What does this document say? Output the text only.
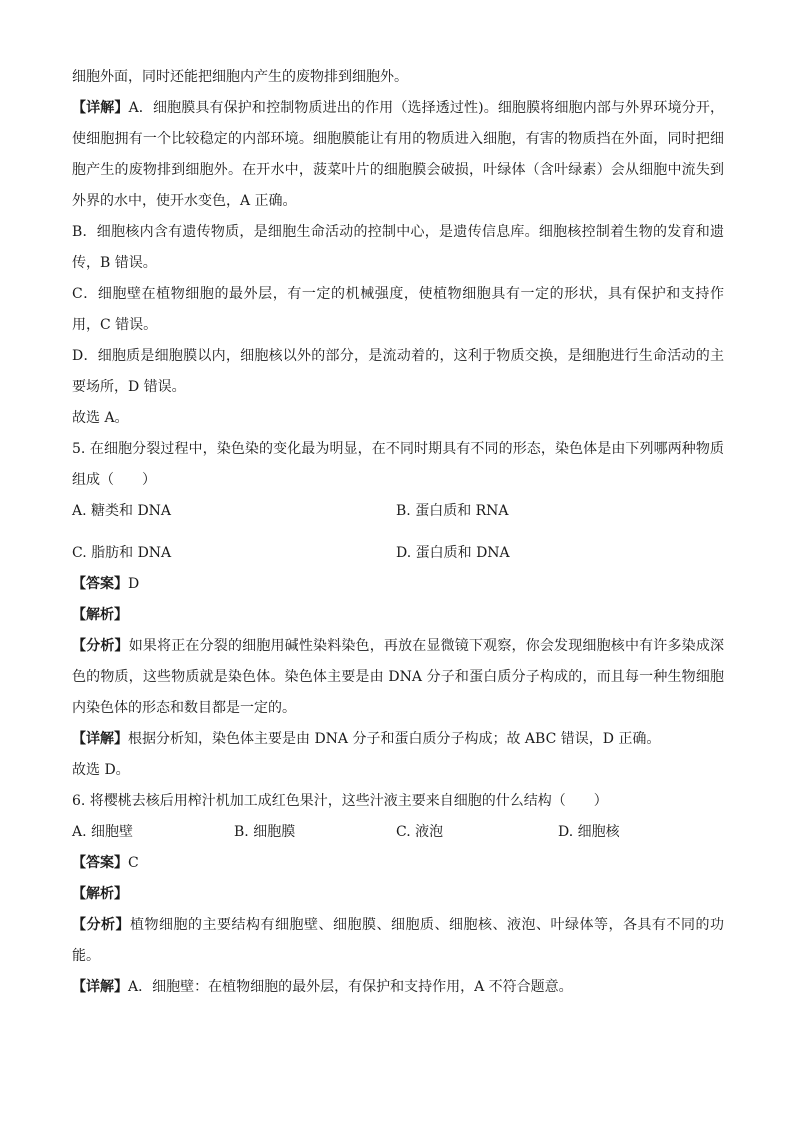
细胞外面，同时还能把细胞内产生的废物排到细胞外。
【详解】A．细胞膜具有保护和控制物质进出的作用（选择透过性)。细胞膜将细胞内部与外界环境分开，
使细胞拥有一个比较稳定的内部环境。细胞膜能让有用的物质进入细胞，有害的物质挡在外面，同时把细
胞产生的废物排到细胞外。在开水中，菠菜叶片的细胞膜会破损，叶绿体（含叶绿素）会从细胞中流失到
外界的水中，使开水变色，A 正确。
B．细胞核内含有遗传物质，是细胞生命活动的控制中心，是遗传信息库。细胞核控制着生物的发育和遗
传，B 错误。
C．细胞壁在植物细胞的最外层，有一定的机械强度，使植物细胞具有一定的形状，具有保护和支持作
用，C 错误。
D．细胞质是细胞膜以内，细胞核以外的部分，是流动着的，这利于物质交换，是细胞进行生命活动的主
要场所，D 错误。
故选 A。
5. 在细胞分裂过程中，染色染的变化最为明显，在不同时期具有不同的形态，染色体是由下列哪两种物质
组成（　　）
A. 糖类和 DNA	B. 蛋白质和 RNA
C. 脂肪和 DNA	D. 蛋白质和 DNA
【答案】D
【解析】
【分析】如果将正在分裂的细胞用碱性染料染色，再放在显微镜下观察，你会发现细胞核中有许多染成深
色的物质，这些物质就是染色体。染色体主要是由 DNA 分子和蛋白质分子构成的，而且每一种生物细胞
内染色体的形态和数目都是一定的。
【详解】根据分析知，染色体主要是由 DNA 分子和蛋白质分子构成；故 ABC 错误，D 正确。
故选 D。
6. 将樱桃去核后用榨汁机加工成红色果汁，这些汁液主要来自细胞的什么结构（　　）
A. 细胞壁	B. 细胞膜	C. 液泡	D. 细胞核
【答案】C
【解析】
【分析】植物细胞的主要结构有细胞壁、细胞膜、细胞质、细胞核、液泡、叶绿体等，各具有不同的功
能。
【详解】A．细胞壁：在植物细胞的最外层，有保护和支持作用，A 不符合题意。
